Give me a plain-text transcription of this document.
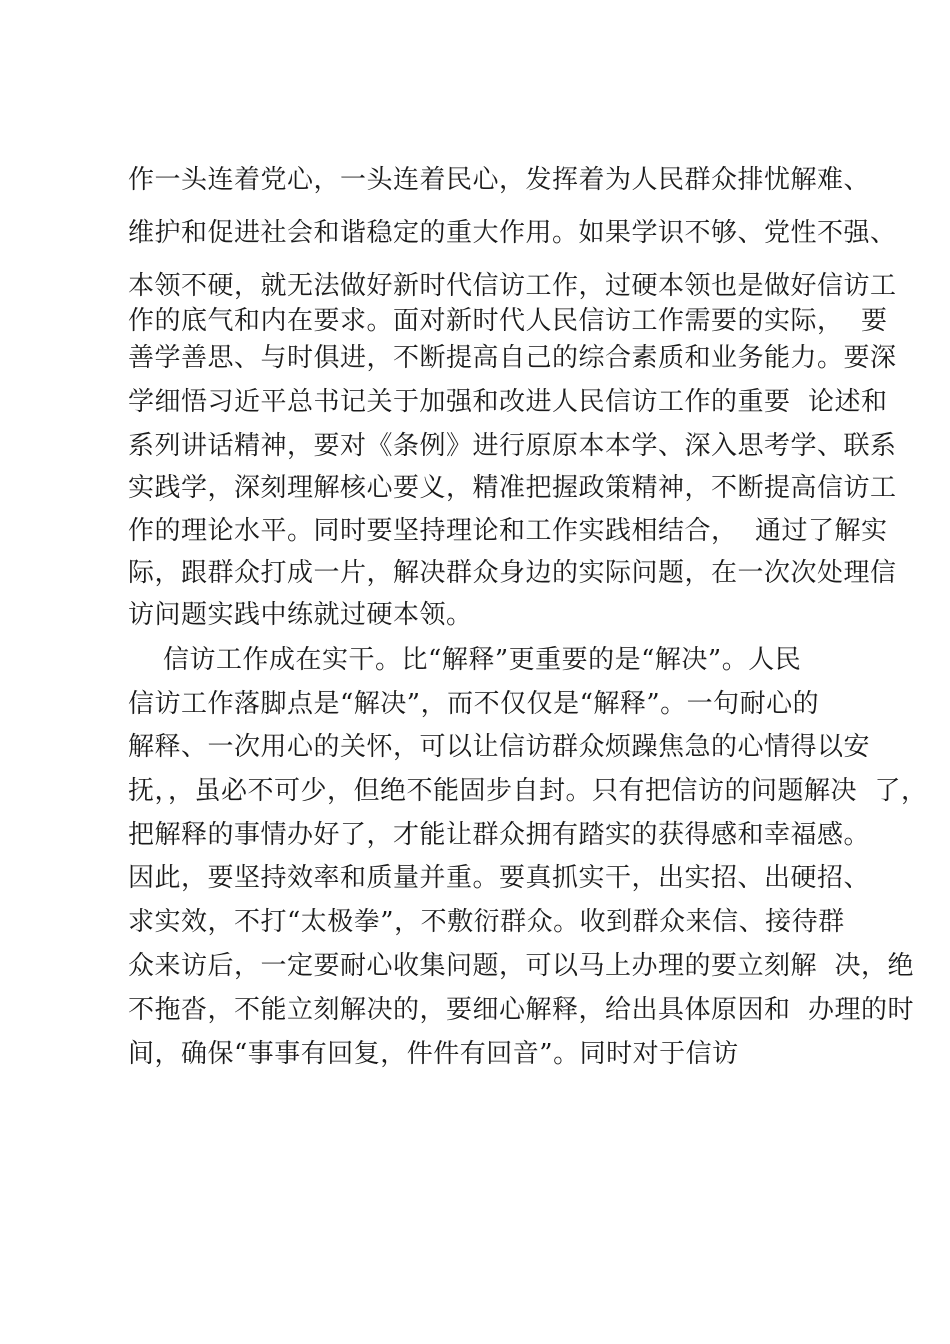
作一头连着党心，一头连着民心，发挥着为人民群众排忧解难、
维护和促进社会和谐稳定的重大作用。如果学识不够、党性不强、
本领不硬，就无法做好新时代信访工作，过硬本领也是做好信访工
作的底气和内在要求。面对新时代人民信访工作需要的实际，  要
善学善思、与时俱进，不断提高自己的综合素质和业务能力。要深
学细悟习近平总书记关于加强和改进人民信访工作的重要  论述和
系列讲话精神，要对《条例》进行原原本本学、深入思考学、联系
实践学，深刻理解核心要义，精准把握政策精神，不断提高信访工
作的理论水平。同时要坚持理论和工作实践相结合，  通过了解实
际，跟群众打成一片，解决群众身边的实际问题，在一次次处理信
访问题实践中练就过硬本领。
信访工作成在实干。比“解释”更重要的是“解决”。人民
信访工作落脚点是“解决”，而不仅仅是“解释”。一句耐心的
解释、一次用心的关怀，可以让信访群众烦躁焦急的心情得以安
抚，，虽必不可少，但绝不能固步自封。只有把信访的问题解决  了，
把解释的事情办好了，才能让群众拥有踏实的获得感和幸福感。
因此，要坚持效率和质量并重。要真抓实干，出实招、出硬招、
求实效，不打“太极拳”，不敷衍群众。收到群众来信、接待群
众来访后，一定要耐心收集问题，可以马上办理的要立刻解  决，绝
不拖沓，不能立刻解决的，要细心解释，给出具体原因和  办理的时
间，确保“事事有回复，件件有回音”。同时对于信访
